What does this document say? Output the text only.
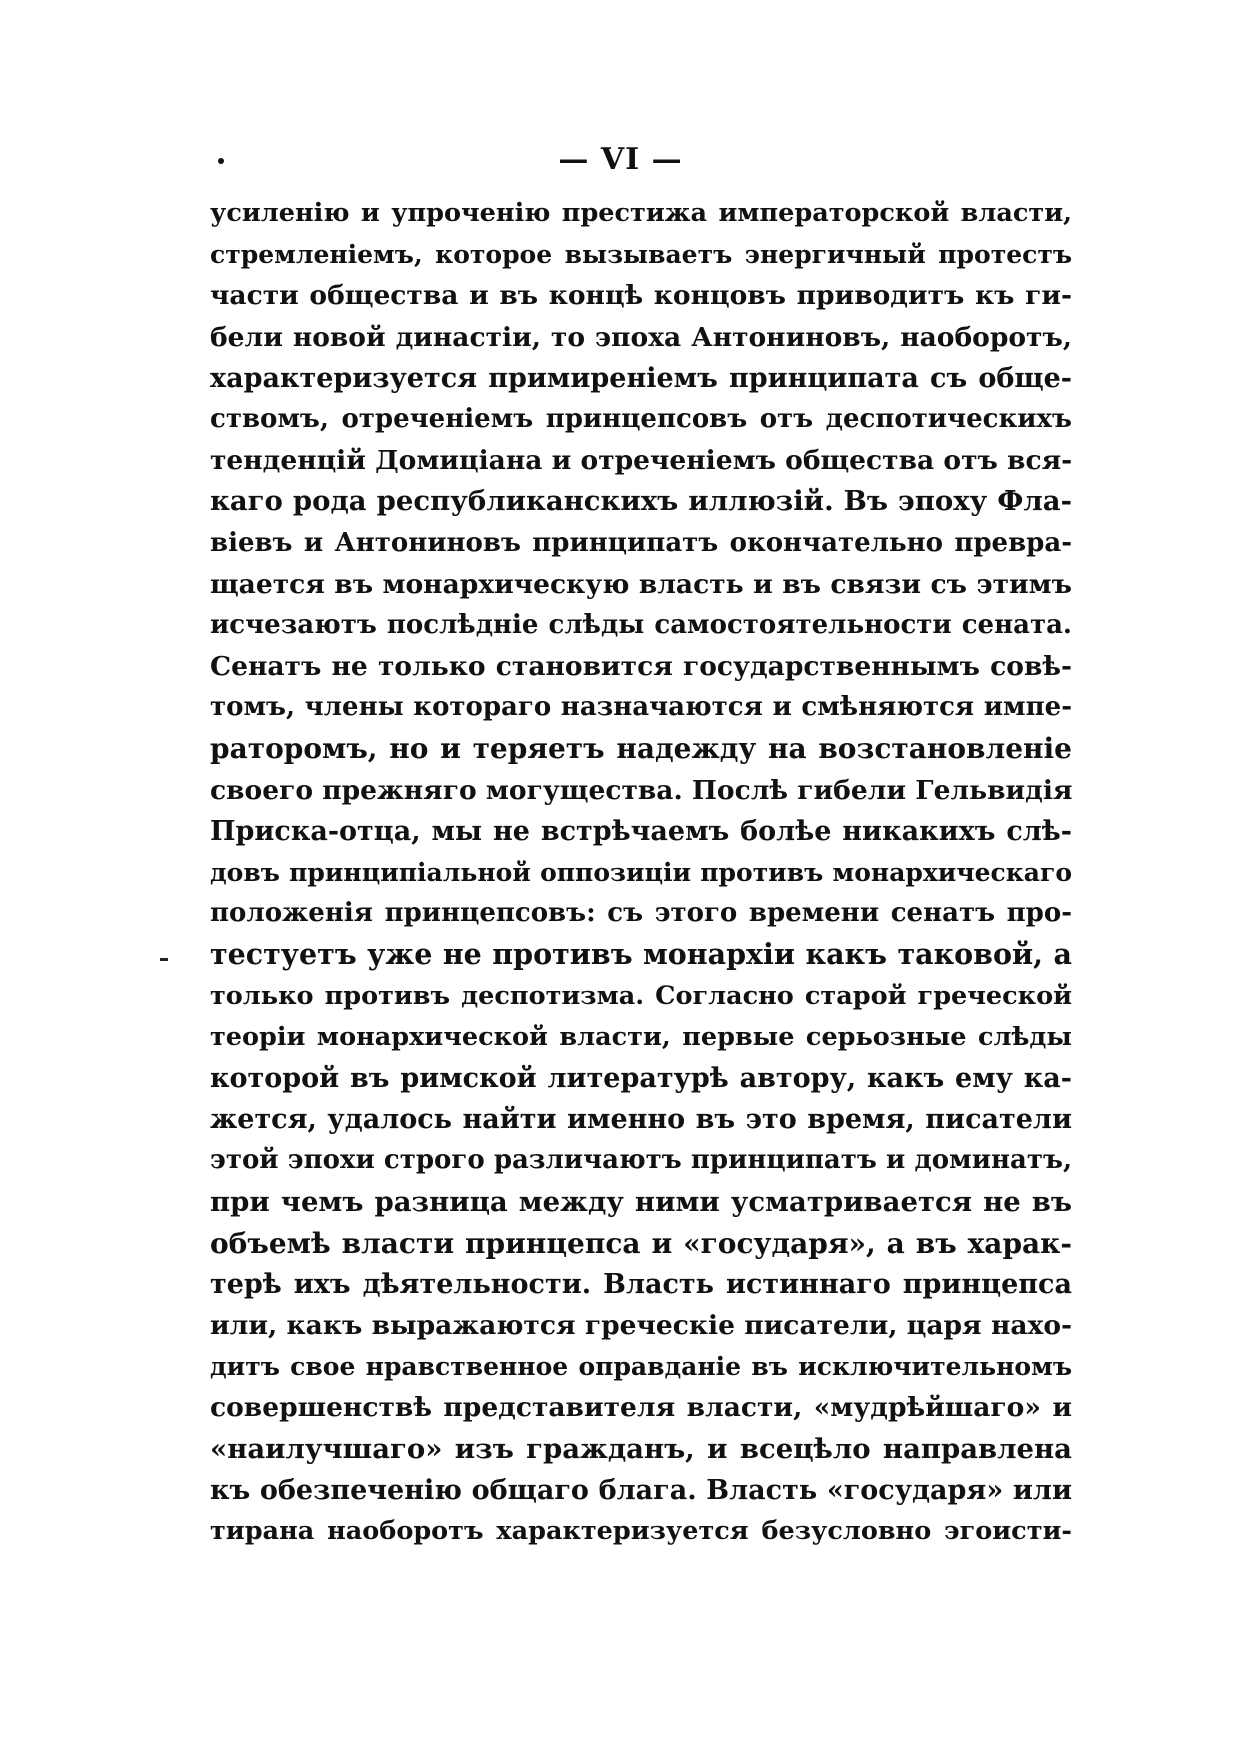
— VI —
усиленію и упроченію престижа императорской власти,
стремленіемъ, которое вызываетъ энергичный протестъ
части общества и въ концѣ концовъ приводитъ къ ги-
бели новой династіи, то эпоха Антониновъ, наоборотъ,
характеризуется примиреніемъ принципата съ обще-
ствомъ, отреченіемъ принцепсовъ отъ деспотическихъ
тенденцій Домиціана и отреченіемъ общества отъ вся-
каго рода республиканскихъ иллюзій. Въ эпоху Фла-
віевъ и Антониновъ принципатъ окончательно превра-
щается въ монархическую власть и въ связи съ этимъ
исчезаютъ послѣдніе слѣды самостоятельности сената.
Сенатъ не только становится государственнымъ совѣ-
томъ, члены котораго назначаются и смѣняются импе-
раторомъ, но и теряетъ надежду на возстановленіе
своего прежняго могущества. Послѣ гибели Гельвидія
Приска-отца, мы не встрѣчаемъ болѣе никакихъ слѣ-
довъ принципіальной оппозиціи противъ монархическаго
положенія принцепсовъ: съ этого времени сенатъ про-
тестуетъ уже не противъ монархіи какъ таковой, а
только противъ деспотизма. Согласно старой греческой
теоріи монархической власти, первые серьозные слѣды
которой въ римской литературѣ автору, какъ ему ка-
жется, удалось найти именно въ это время, писатели
этой эпохи строго различаютъ принципатъ и доминатъ,
при чемъ разница между ними усматривается не въ
объемѣ власти принцепса и «государя», а въ харак-
терѣ ихъ дѣятельности. Власть истиннаго принцепса
или, какъ выражаются греческіе писатели, царя нахо-
дитъ свое нравственное оправданіе въ исключительномъ
совершенствѣ представителя власти, «мудрѣйшаго» и
«наилучшаго» изъ гражданъ, и всецѣло направлена
къ обезпеченію общаго блага. Власть «государя» или
тирана наоборотъ характеризуется безусловно эгоисти-
